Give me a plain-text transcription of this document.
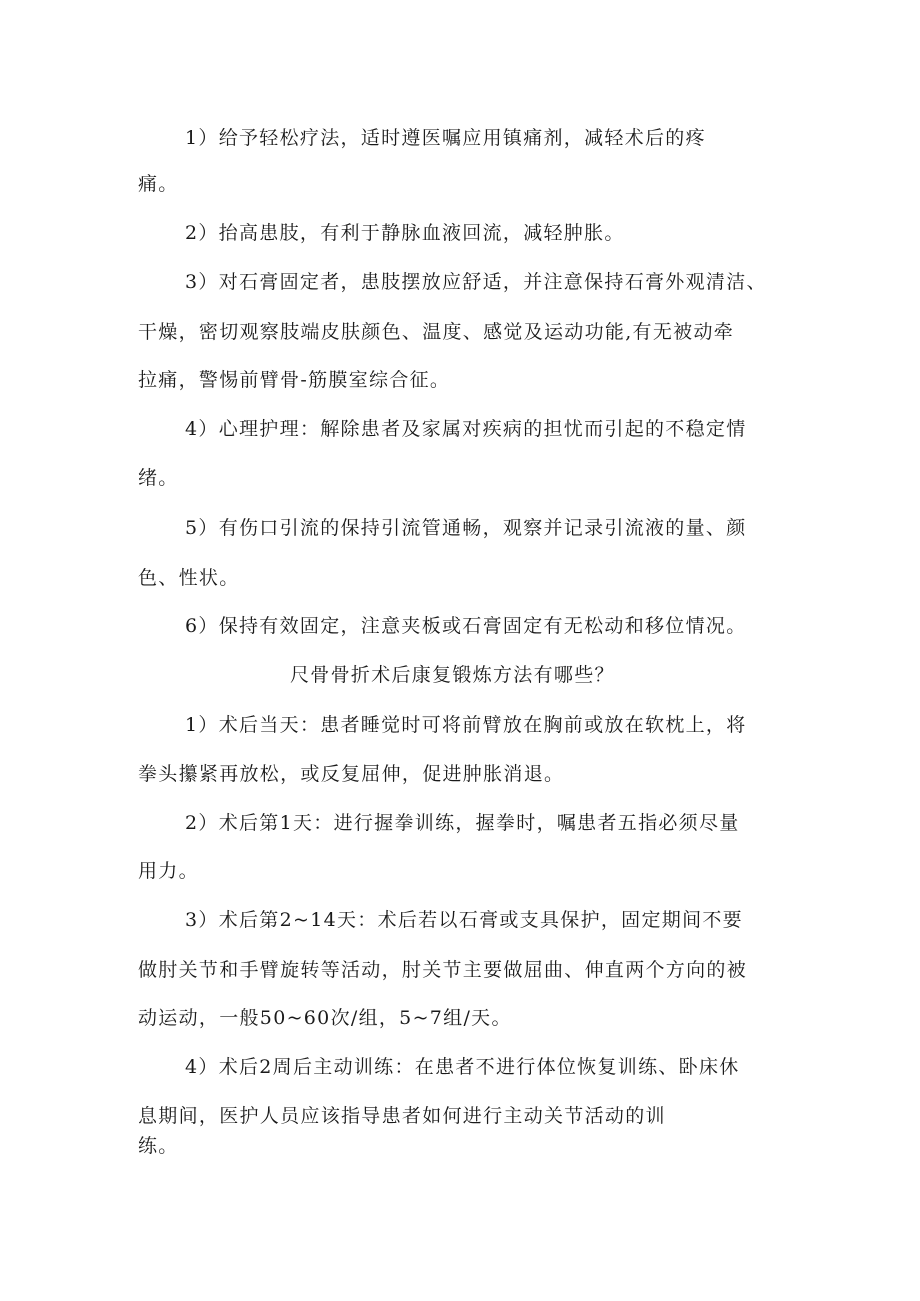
1）给予轻松疗法，适时遵医嘱应用镇痛剂，减轻术后的疼
痛。
2）抬高患肢，有利于静脉血液回流，减轻肿胀。
3）对石膏固定者，患肢摆放应舒适，并注意保持石膏外观清洁、
干燥，密切观察肢端皮肤颜色、温度、感觉及运动功能,有无被动牵
拉痛，警惕前臂骨-筋膜室综合征。
4）心理护理：解除患者及家属对疾病的担忧而引起的不稳定情
绪。
5）有伤口引流的保持引流管通畅，观察并记录引流液的量、颜
色、性状。
6）保持有效固定，注意夹板或石膏固定有无松动和移位情况。
尺骨骨折术后康复锻炼方法有哪些？
1）术后当天：患者睡觉时可将前臂放在胸前或放在软枕上，将
拳头攥紧再放松，或反复屈伸，促进肿胀消退。
2）术后第1天：进行握拳训练，握拳时，嘱患者五指必须尽量
用力。
3）术后第2~14天：术后若以石膏或支具保护，固定期间不要
做肘关节和手臂旋转等活动，肘关节主要做屈曲、伸直两个方向的被
动运动，一般50~60次/组，5~7组/天。
4）术后2周后主动训练：在患者不进行体位恢复训练、卧床休
息期间，医护人员应该指导患者如何进行主动关节活动的训
练。
